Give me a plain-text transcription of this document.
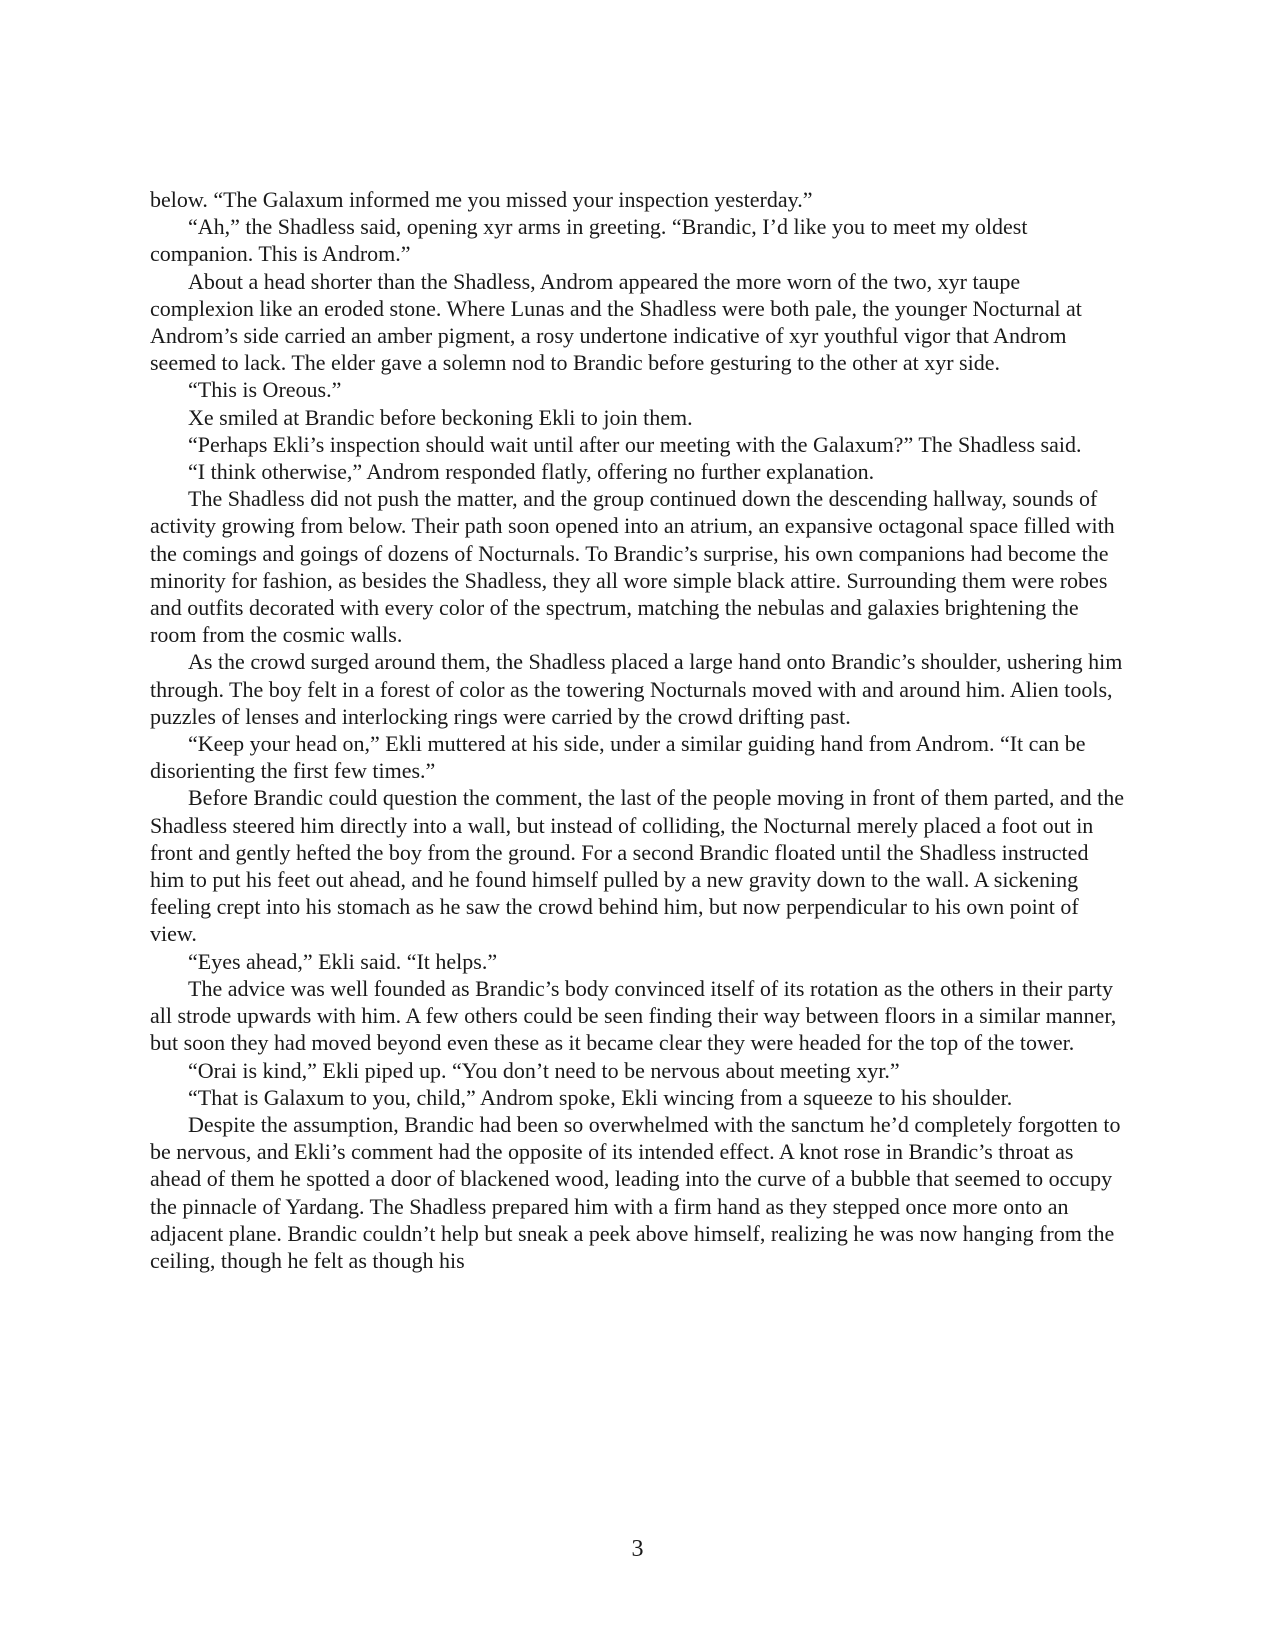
below. “The Galaxum informed me you missed your inspection yesterday.”

“Ah,” the Shadless said, opening xyr arms in greeting. “Brandic, I’d like you to meet my oldest companion. This is Androm.”

About a head shorter than the Shadless, Androm appeared the more worn of the two, xyr taupe complexion like an eroded stone. Where Lunas and the Shadless were both pale, the younger Nocturnal at Androm’s side carried an amber pigment, a rosy undertone indicative of xyr youthful vigor that Androm seemed to lack. The elder gave a solemn nod to Brandic before gesturing to the other at xyr side.

“This is Oreous.”

Xe smiled at Brandic before beckoning Ekli to join them.

“Perhaps Ekli’s inspection should wait until after our meeting with the Galaxum?” The Shadless said.

“I think otherwise,” Androm responded flatly, offering no further explanation.

The Shadless did not push the matter, and the group continued down the descending hallway, sounds of activity growing from below. Their path soon opened into an atrium, an expansive octagonal space filled with the comings and goings of dozens of Nocturnals. To Brandic’s surprise, his own companions had become the minority for fashion, as besides the Shadless, they all wore simple black attire. Surrounding them were robes and outfits decorated with every color of the spectrum, matching the nebulas and galaxies brightening the room from the cosmic walls.

As the crowd surged around them, the Shadless placed a large hand onto Brandic’s shoulder, ushering him through. The boy felt in a forest of color as the towering Nocturnals moved with and around him. Alien tools, puzzles of lenses and interlocking rings were carried by the crowd drifting past.

“Keep your head on,” Ekli muttered at his side, under a similar guiding hand from Androm. “It can be disorienting the first few times.”

Before Brandic could question the comment, the last of the people moving in front of them parted, and the Shadless steered him directly into a wall, but instead of colliding, the Nocturnal merely placed a foot out in front and gently hefted the boy from the ground. For a second Brandic floated until the Shadless instructed him to put his feet out ahead, and he found himself pulled by a new gravity down to the wall. A sickening feeling crept into his stomach as he saw the crowd behind him, but now perpendicular to his own point of view.

“Eyes ahead,” Ekli said. “It helps.”

The advice was well founded as Brandic’s body convinced itself of its rotation as the others in their party all strode upwards with him. A few others could be seen finding their way between floors in a similar manner, but soon they had moved beyond even these as it became clear they were headed for the top of the tower.

“Orai is kind,” Ekli piped up. “You don’t need to be nervous about meeting xyr.”

“That is Galaxum to you, child,” Androm spoke, Ekli wincing from a squeeze to his shoulder.

Despite the assumption, Brandic had been so overwhelmed with the sanctum he’d completely forgotten to be nervous, and Ekli’s comment had the opposite of its intended effect. A knot rose in Brandic’s throat as ahead of them he spotted a door of blackened wood, leading into the curve of a bubble that seemed to occupy the pinnacle of Yardang. The Shadless prepared him with a firm hand as they stepped once more onto an adjacent plane. Brandic couldn’t help but sneak a peek above himself, realizing he was now hanging from the ceiling, though he felt as though his

3
